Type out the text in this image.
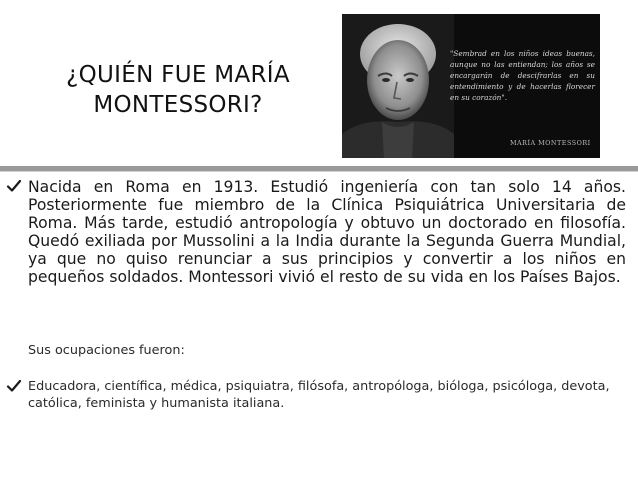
¿QUIÉN FUE MARÍA
MONTESSORI?
"Sembrad en los niños ideas buenas, aunque no las entiendan; los años se encargarán de descifrarlas en su entendimiento y de hacerlas florecer en su corazón".
MARÍA MONTESSORI
Nacida en Roma en 1913. Estudió ingeniería con tan solo 14 años. Posteriormente fue miembro de la Clínica Psiquiátrica Universitaria de Roma. Más tarde, estudió antropología y obtuvo un doctorado en filosofía. Quedó exiliada por Mussolini a la India durante la Segunda Guerra Mundial, ya que no quiso renunciar a sus principios y convertir a los niños en pequeños soldados. Montessori vivió el resto de su vida en los Países Bajos.
Sus ocupaciones fueron:
Educadora, científica, médica, psiquiatra, filósofa, antropóloga, bióloga, psicóloga, devota, católica, feminista y humanista italiana.
